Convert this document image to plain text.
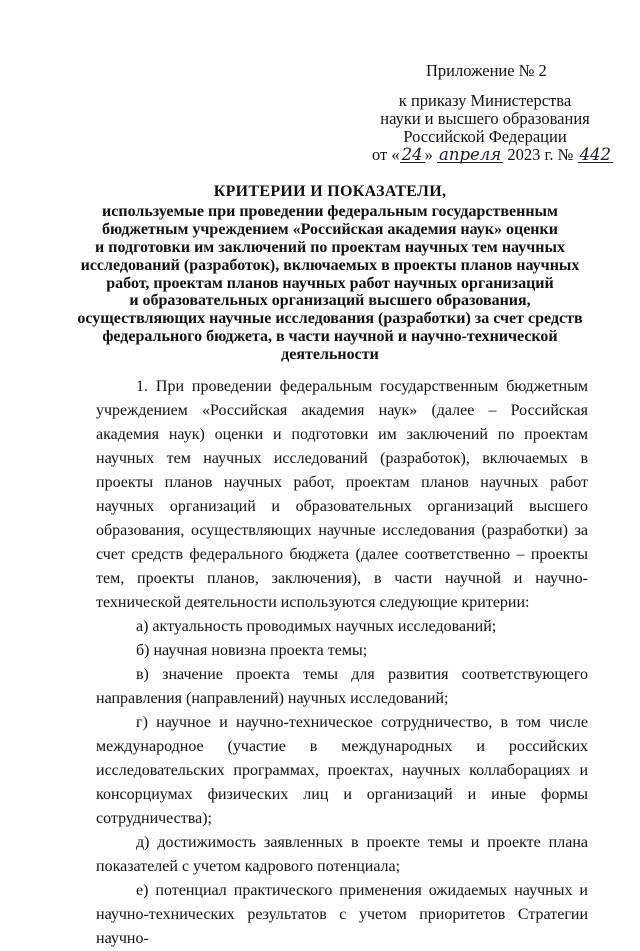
Приложение № 2
к приказу Министерства
науки и высшего образования
Российской Федерации
от « 24 » апреля 2023 г. № 442
КРИТЕРИИ И ПОКАЗАТЕЛИ,
используемые при проведении федеральным государственным
бюджетным учреждением «Российская академия наук» оценки
и подготовки им заключений по проектам научных тем научных
исследований (разработок), включаемых в проекты планов научных
работ, проектам планов научных работ научных организаций
и образовательных организаций высшего образования,
осуществляющих научные исследования (разработки) за счет средств
федерального бюджета, в части научной и научно-технической
деятельности

1. При проведении федеральным государственным бюджетным учреждением «Российская академия наук» (далее – Российская академия наук) оценки и подготовки им заключений по проектам научных тем научных исследований (разработок), включаемых в проекты планов научных работ, проектам планов научных работ научных организаций и образовательных организаций высшего образования, осуществляющих научные исследования (разработки) за счет средств федерального бюджета (далее соответственно – проекты тем, проекты планов, заключения), в части научной и научно-технической деятельности используются следующие критерии:

а) актуальность проводимых научных исследований;

б) научная новизна проекта темы;

в) значение проекта темы для развития соответствующего направления (направлений) научных исследований;

г) научное и научно-техническое сотрудничество, в том числе международное (участие в международных и российских исследовательских программах, проектах, научных коллаборациях и консорциумах физических лиц и организаций и иные формы сотрудничества);

д) достижимость заявленных в проекте темы и проекте плана показателей с учетом кадрового потенциала;

е) потенциал практического применения ожидаемых научных и научно-технических результатов с учетом приоритетов Стратегии научно-
